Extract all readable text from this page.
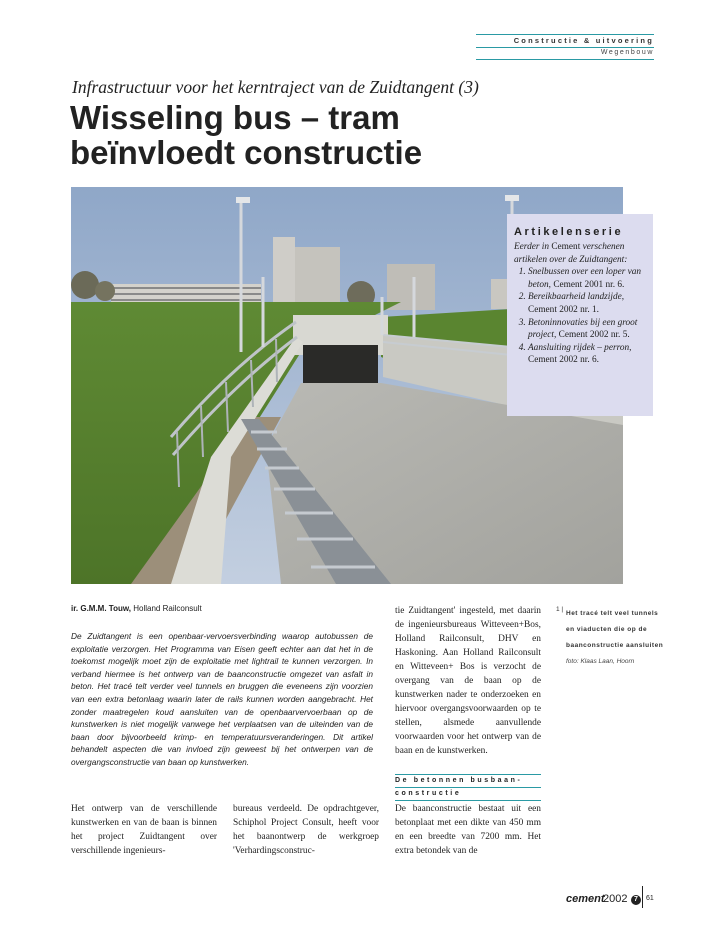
Constructie & uitvoering
Wegenbouw
Infrastructuur voor het kerntraject van de Zuidtangent (3)
Wisseling bus – tram
beïnvloedt constructie
Artikelenserie
Eerder in Cement verschenen artikelen over de Zuidtangent:
1. Snelbussen over een loper van beton, Cement 2001 nr. 6.
2. Bereikbaarheid landzijde, Cement 2002 nr. 1.
3. Betoninnovaties bij een groot project, Cement 2002 nr. 5.
4. Aansluiting rijdek – perron, Cement 2002 nr. 6.
ir. G.M.M. Touw, Holland Railconsult
De Zuidtangent is een openbaar-vervoersverbinding waarop autobussen de exploitatie verzorgen. Het Programma van Eisen geeft echter aan dat het in de toekomst mogelijk moet zijn de exploitatie met lightrail te kunnen verzorgen. In verband hiermee is het ontwerp van de baanconstructie omgezet van asfalt in beton. Het tracé telt verder veel tunnels en bruggen die eveneens zijn voorzien van een extra betonlaag waarin later de rails kunnen worden aangebracht. Het zonder maatregelen koud aansluiten van de openbaarvervoerbaan op de kunstwerken is niet mogelijk vanwege het verplaatsen van de uiteinden van de baan door bijvoorbeeld krimp- en temperatuursveranderingen. Dit artikel behandelt aspecten die van invloed zijn geweest bij het ontwerpen van de overgangsconstructie van baan op kunstwerken.
Het ontwerp van de verschillende kunstwerken en van de baan is binnen het project Zuidtangent over verschillende ingenieurs-
bureaus verdeeld. De opdrachtgever, Schiphol Project Consult, heeft voor het baanontwerp de werkgroep 'Verhardingsconstruc-
tie Zuidtangent' ingesteld, met daarin de ingenieursbureaus Witteveen+Bos, Holland Railconsult, DHV en Haskoning. Aan Holland Railconsult en Witteveen+ Bos is verzocht de overgang van de baan op de kunstwerken nader te onderzoeken en hiervoor overgangsvoorwaarden op te stellen, alsmede aanvullende voorwaarden voor het ontwerp van de baan en de kunstwerken.
De betonnen busbaan-
constructie
De baanconstructie bestaat uit een betonplaat met een dikte van 450 mm en een breedte van 7200 mm. Het extra betondek van de
1 |
Het tracé telt veel tunnels en viaducten die op de baanconstructie aansluiten
foto: Klaas Laan, Hoorn
cement
2002 7	61
